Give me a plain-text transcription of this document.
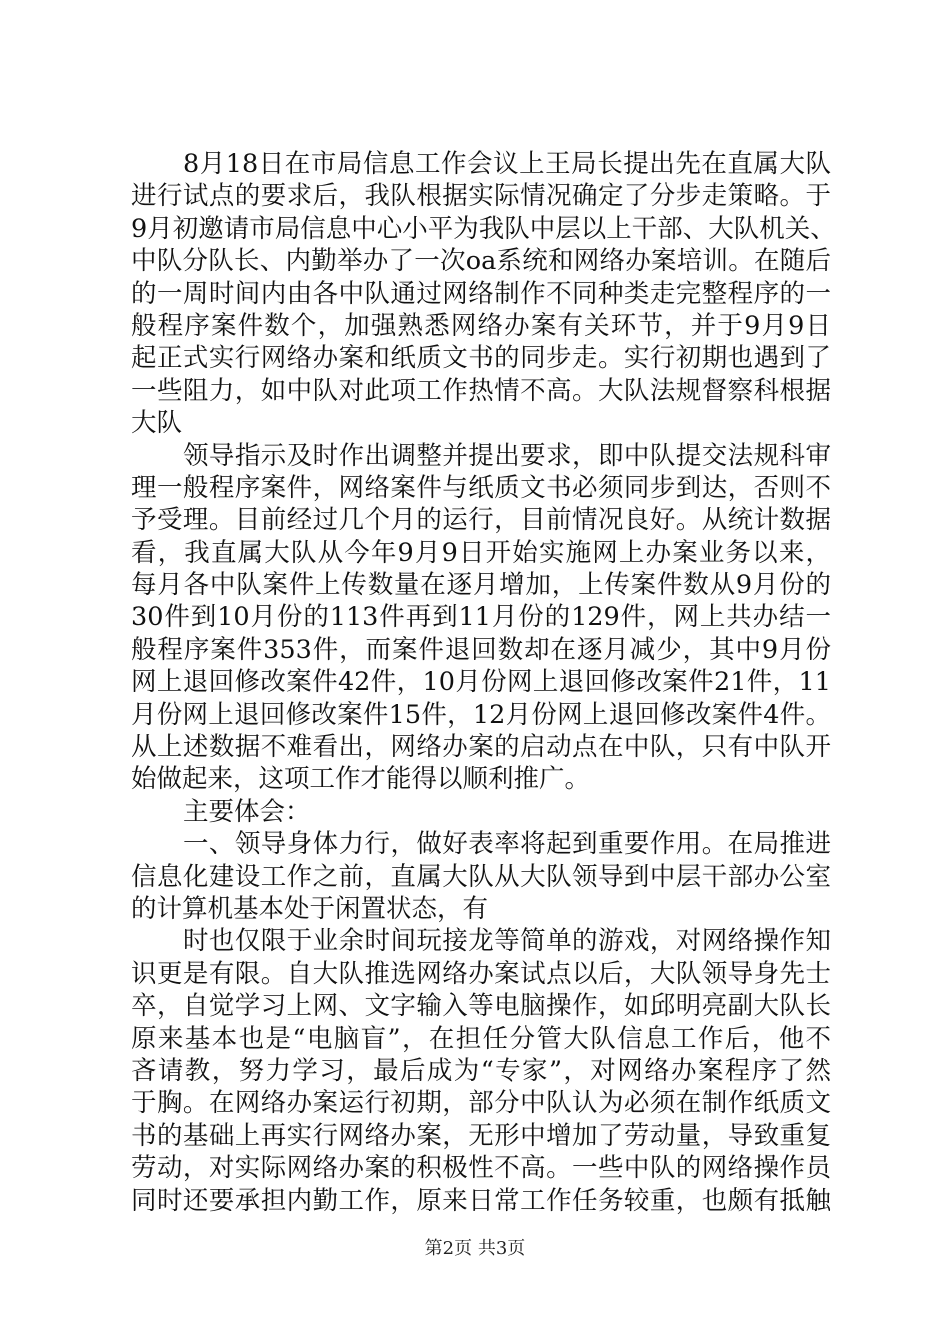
8月18日在市局信息工作会议上王局长提出先在直属大队
进行试点的要求后，我队根据实际情况确定了分步走策略。于
9月初邀请市局信息中心小平为我队中层以上干部、大队机关、
中队分队长、内勤举办了一次oa系统和网络办案培训。在随后
的一周时间内由各中队通过网络制作不同种类走完整程序的一
般程序案件数个，加强熟悉网络办案有关环节，并于9月9日
起正式实行网络办案和纸质文书的同步走。实行初期也遇到了
一些阻力，如中队对此项工作热情不高。大队法规督察科根据
大队
领导指示及时作出调整并提出要求，即中队提交法规科审
理一般程序案件，网络案件与纸质文书必须同步到达，否则不
予受理。目前经过几个月的运行，目前情况良好。从统计数据
看，我直属大队从今年9月9日开始实施网上办案业务以来，
每月各中队案件上传数量在逐月增加，上传案件数从9月份的
30件到10月份的113件再到11月份的129件，网上共办结一
般程序案件353件，而案件退回数却在逐月减少，其中9月份
网上退回修改案件42件，10月份网上退回修改案件21件，11
月份网上退回修改案件15件，12月份网上退回修改案件4件。
从上述数据不难看出，网络办案的启动点在中队，只有中队开
始做起来，这项工作才能得以顺利推广。
主要体会：
一、领导身体力行，做好表率将起到重要作用。在局推进
信息化建设工作之前，直属大队从大队领导到中层干部办公室
的计算机基本处于闲置状态，有
时也仅限于业余时间玩接龙等简单的游戏，对网络操作知
识更是有限。自大队推选网络办案试点以后，大队领导身先士
卒，自觉学习上网、文字输入等电脑操作，如邱明亮副大队长
原来基本也是“电脑盲”，在担任分管大队信息工作后，他不
吝请教，努力学习，最后成为“专家”，对网络办案程序了然
于胸。在网络办案运行初期，部分中队认为必须在制作纸质文
书的基础上再实行网络办案，无形中增加了劳动量，导致重复
劳动，对实际网络办案的积极性不高。一些中队的网络操作员
同时还要承担内勤工作，原来日常工作任务较重，也颇有抵触
第2页 共3页
